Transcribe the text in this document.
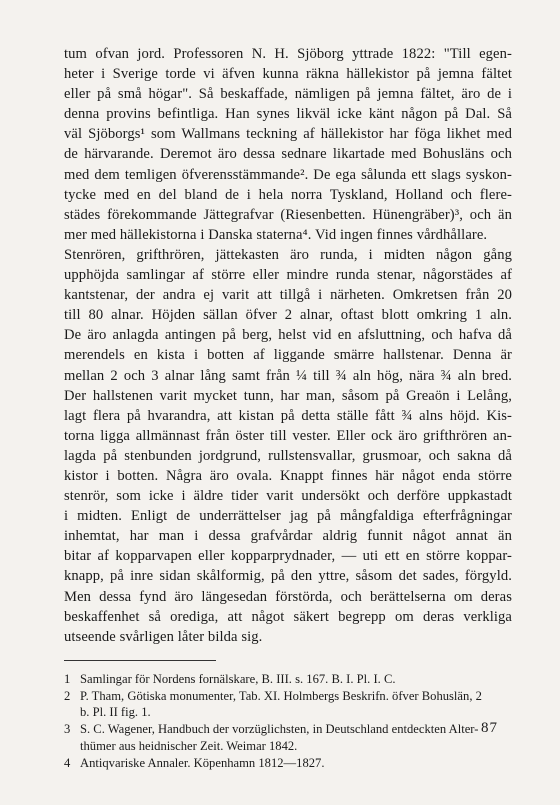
tum ofvan jord. Professoren N. H. Sjöborg yttrade 1822: "Till egen-
heter i Sverige torde vi äfven kunna räkna hällekistor på jemna fältet
eller på små högar". Så beskaffade, nämligen på jemna fältet, äro de i
denna provins befintliga. Han synes likväl icke känt någon på Dal. Så
väl Sjöborgs¹ som Wallmans teckning af hällekistor har föga likhet med
de härvarande. Deremot äro dessa sednare likartade med Bohusläns och
med dem temligen öfverensstämmande². De ega sålunda ett slags syskon-
tycke med en del bland de i hela norra Tyskland, Holland och flere-
städes förekommande Jättegrafvar (Riesenbetten. Hünengräber)³, och än
mer med hällekistorna i Danska staterna⁴. Vid ingen finnes vårdhållare.
Stenrören, grifthrören, jättekasten äro runda, i midten någon gång
upphöjda samlingar af större eller mindre runda stenar, någorstädes af
kantstenar, der andra ej varit att tillgå i närheten. Omkretsen från 20
till 80 alnar. Höjden sällan öfver 2 alnar, oftast blott omkring 1 aln.
De äro anlagda antingen på berg, helst vid en afsluttning, och hafva då
merendels en kista i botten af liggande smärre hallstenar. Denna är
mellan 2 och 3 alnar lång samt från ¼ till ¾ aln hög, nära ¾ aln bred.
Der hallstenen varit mycket tunn, har man, såsom på Greaön i Lelång,
lagt flera på hvarandra, att kistan på detta ställe fått ¾ alns höjd. Kis-
torna ligga allmännast från öster till vester. Eller ock äro grifthrören an-
lagda på stenbunden jordgrund, rullstensvallar, grusmoar, och sakna då
kistor i botten. Några äro ovala. Knappt finnes här något enda större
stenrör, som icke i äldre tider varit undersökt och derföre uppkastadt
i midten. Enligt de underrättelser jag på mångfaldiga efterfrågningar
inhemtat, har man i dessa grafvårdar aldrig funnit något annat än
bitar af kopparvapen eller kopparprydnader, — uti ett en större koppar-
knapp, på inre sidan skålformig, på den yttre, såsom det sades, förgyld.
Men dessa fynd äro längesedan förstörda, och berättelserna om deras
beskaffenhet så orediga, att något säkert begrepp om deras verkliga
utseende svårligen låter bilda sig.

1 Samlingar för Nordens fornälskare, B. III. s. 167. B. I. Pl. I. C.
2 P. Tham, Götiska monumenter, Tab. XI. Holmbergs Beskrifn. öfver Bohuslän, 2
b. Pl. II fig. 1.
3 S. C. Wagener, Handbuch der vorzüglichsten, in Deutschland entdeckten Alter-
thümer aus heidnischer Zeit. Weimar 1842.
4 Antiqvariske Annaler. Köpenhamn 1812—1827.
87
